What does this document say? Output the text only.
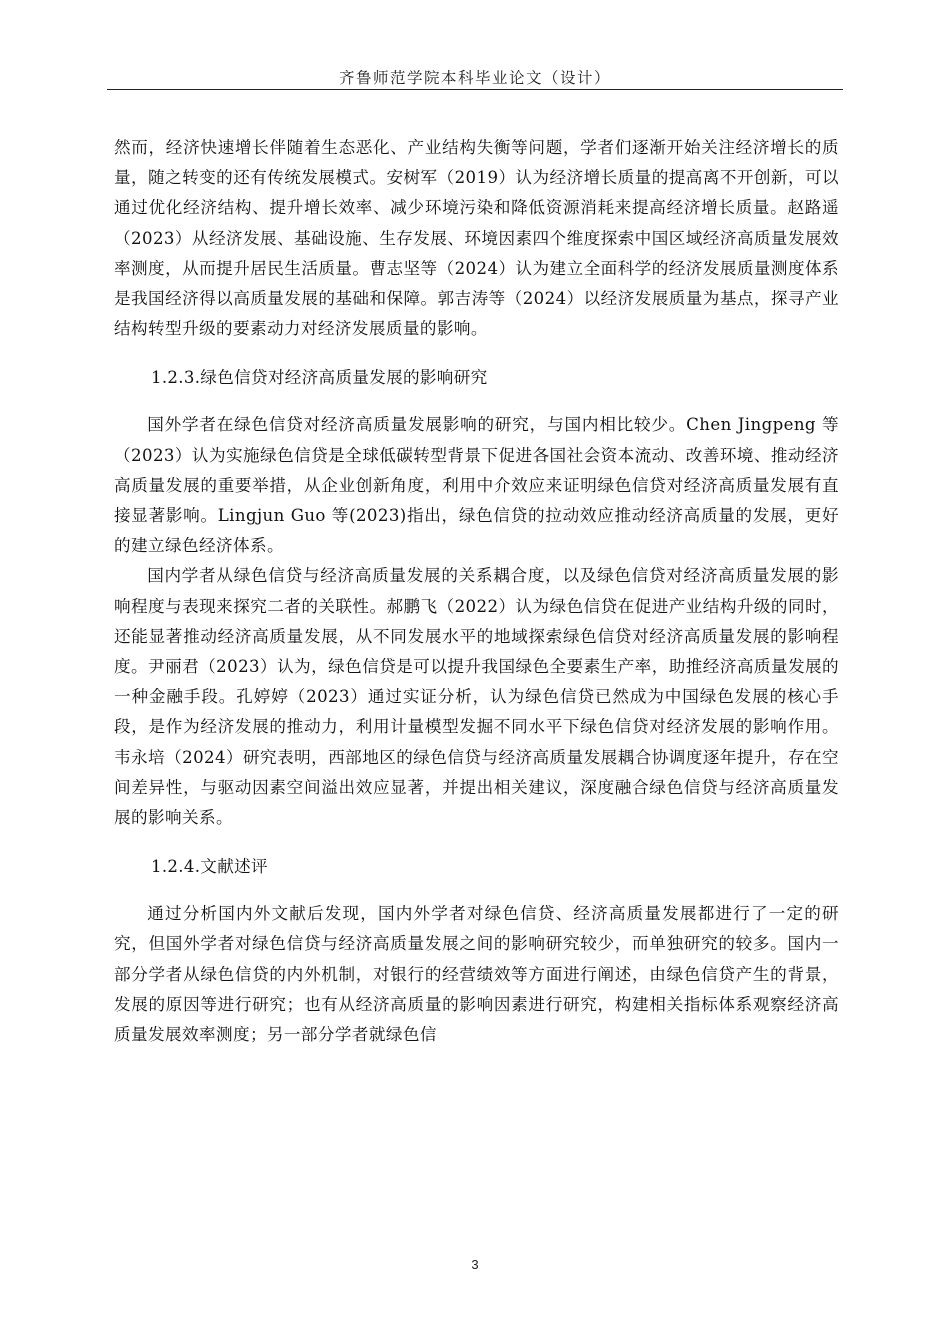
齐鲁师范学院本科毕业论文（设计）

然而，经济快速增长伴随着生态恶化、产业结构失衡等问题，学者们逐渐开始关注经济增长的质量，随之转变的还有传统发展模式。安树军（2019）认为经济增长质量的提高离不开创新，可以通过优化经济结构、提升增长效率、减少环境污染和降低资源消耗来提高经济增长质量。赵路遥（2023）从经济发展、基础设施、生存发展、环境因素四个维度探索中国区域经济高质量发展效率测度，从而提升居民生活质量。曹志坚等（2024）认为建立全面科学的经济发展质量测度体系是我国经济得以高质量发展的基础和保障。郭吉涛等（2024）以经济发展质量为基点，探寻产业结构转型升级的要素动力对经济发展质量的影响。

1.2.3.绿色信贷对经济高质量发展的影响研究

国外学者在绿色信贷对经济高质量发展影响的研究，与国内相比较少。Chen Jingpeng 等（2023）认为实施绿色信贷是全球低碳转型背景下促进各国社会资本流动、改善环境、推动经济高质量发展的重要举措，从企业创新角度，利用中介效应来证明绿色信贷对经济高质量发展有直接显著影响。Lingjun Guo 等(2023)指出，绿色信贷的拉动效应推动经济高质量的发展，更好的建立绿色经济体系。

国内学者从绿色信贷与经济高质量发展的关系耦合度，以及绿色信贷对经济高质量发展的影响程度与表现来探究二者的关联性。郝鹏飞（2022）认为绿色信贷在促进产业结构升级的同时，还能显著推动经济高质量发展，从不同发展水平的地域探索绿色信贷对经济高质量发展的影响程度。尹丽君（2023）认为，绿色信贷是可以提升我国绿色全要素生产率，助推经济高质量发展的一种金融手段。孔婷婷（2023）通过实证分析，认为绿色信贷已然成为中国绿色发展的核心手段，是作为经济发展的推动力，利用计量模型发掘不同水平下绿色信贷对经济发展的影响作用。韦永培（2024）研究表明，西部地区的绿色信贷与经济高质量发展耦合协调度逐年提升，存在空间差异性，与驱动因素空间溢出效应显著，并提出相关建议，深度融合绿色信贷与经济高质量发展的影响关系。

1.2.4.文献述评

通过分析国内外文献后发现，国内外学者对绿色信贷、经济高质量发展都进行了一定的研究，但国外学者对绿色信贷与经济高质量发展之间的影响研究较少，而单独研究的较多。国内一部分学者从绿色信贷的内外机制，对银行的经营绩效等方面进行阐述，由绿色信贷产生的背景，发展的原因等进行研究；也有从经济高质量的影响因素进行研究，构建相关指标体系观察经济高质量发展效率测度；另一部分学者就绿色信

3
